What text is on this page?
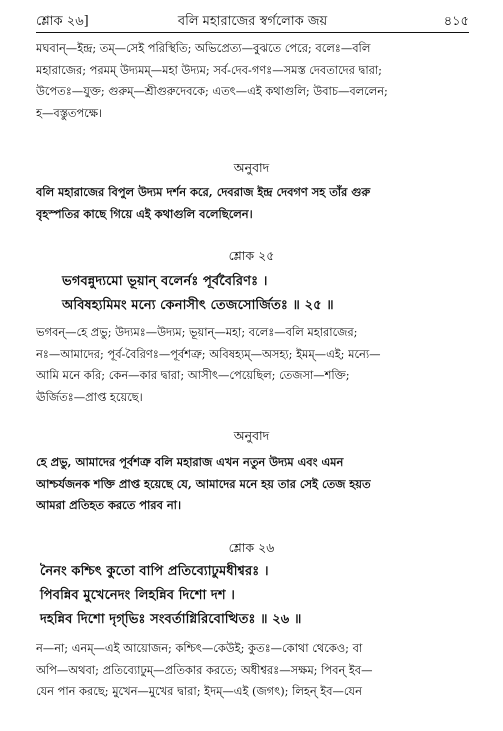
শ্লোক ২৬]	বলি মহারাজের স্বর্গলোক জয়	৪১৫
মঘবান্—ইন্দ্র; তম্—সেই পরিস্থিতি; অভিপ্রেত্য—বুঝতে পেরে; বলেঃ—বলি
মহারাজের; পরমম্ উদ্যমম্—মহা উদ্যম; সর্ব-দেব-গণঃ—সমস্ত দেবতাদের দ্বারা;
উপেতঃ—যুক্ত; গুরুম্—শ্রীগুরুদেবকে; এতৎ—এই কথাগুলি; উবাচ—বললেন;
হ—বস্তুতপক্ষে।
অনুবাদ
বলি মহারাজের বিপুল উদ্যম দর্শন করে, দেবরাজ ইন্দ্র দেবগণ সহ তাঁর গুরু
বৃহস্পতির কাছে গিয়ে এই কথাগুলি বলেছিলেন।
শ্লোক ২৫
ভগবন্নুদ্যমো ভূয়ান্ বলের্নঃ পূর্ববৈরিণঃ ।
অবিষহ্যমিমং মন্যে কেনাসীৎ তেজসোর্জিতঃ ॥ ২৫ ॥
ভগবন্—হে প্রভু; উদ্যমঃ—উদ্যম; ভূয়ান্—মহা; বলেঃ—বলি মহারাজের;
নঃ—আমাদের; পূর্ব-বৈরিণঃ—পূর্বশত্রু; অবিষহ্যম্—অসহ্য; ইমম্—এই; মন্যে—
আমি মনে করি; কেন—কার দ্বারা; আসীৎ—পেয়েছিল; তেজসা—শক্তি;
ঊর্জিতঃ—প্রাপ্ত হয়েছে।
অনুবাদ
হে প্রভু, আমাদের পূর্বশত্রু বলি মহারাজ এখন নতুন উদ্যম এবং এমন
আশ্চর্যজনক শক্তি প্রাপ্ত হয়েছে যে, আমাদের মনে হয় তার সেই তেজ হয়ত
আমরা প্রতিহত করতে পারব না।
শ্লোক ২৬
নৈনং কশ্চিৎ কুতো বাপি প্রতিব্যোঢুমধীশ্বরঃ ।
পিবন্নিব মুখেনেদং লিহন্নিব দিশো দশ ।
দহন্নিব দিশো দৃগ্‌ভিঃ সংবর্তাগ্নিরিবোত্থিতঃ ॥ ২৬ ॥
ন—না; এনম্—এই আয়োজন; কশ্চিৎ—কেউই; কুতঃ—কোথা থেকেও; বা
অপি—অথবা; প্রতিব্যোঢুম্—প্রতিকার করতে; অধীশ্বরঃ—সক্ষম; পিবন্ ইব—
যেন পান করছে; মুখেন—মুখের দ্বারা; ইদম্—এই (জগৎ); লিহন্ ইব—যেন
